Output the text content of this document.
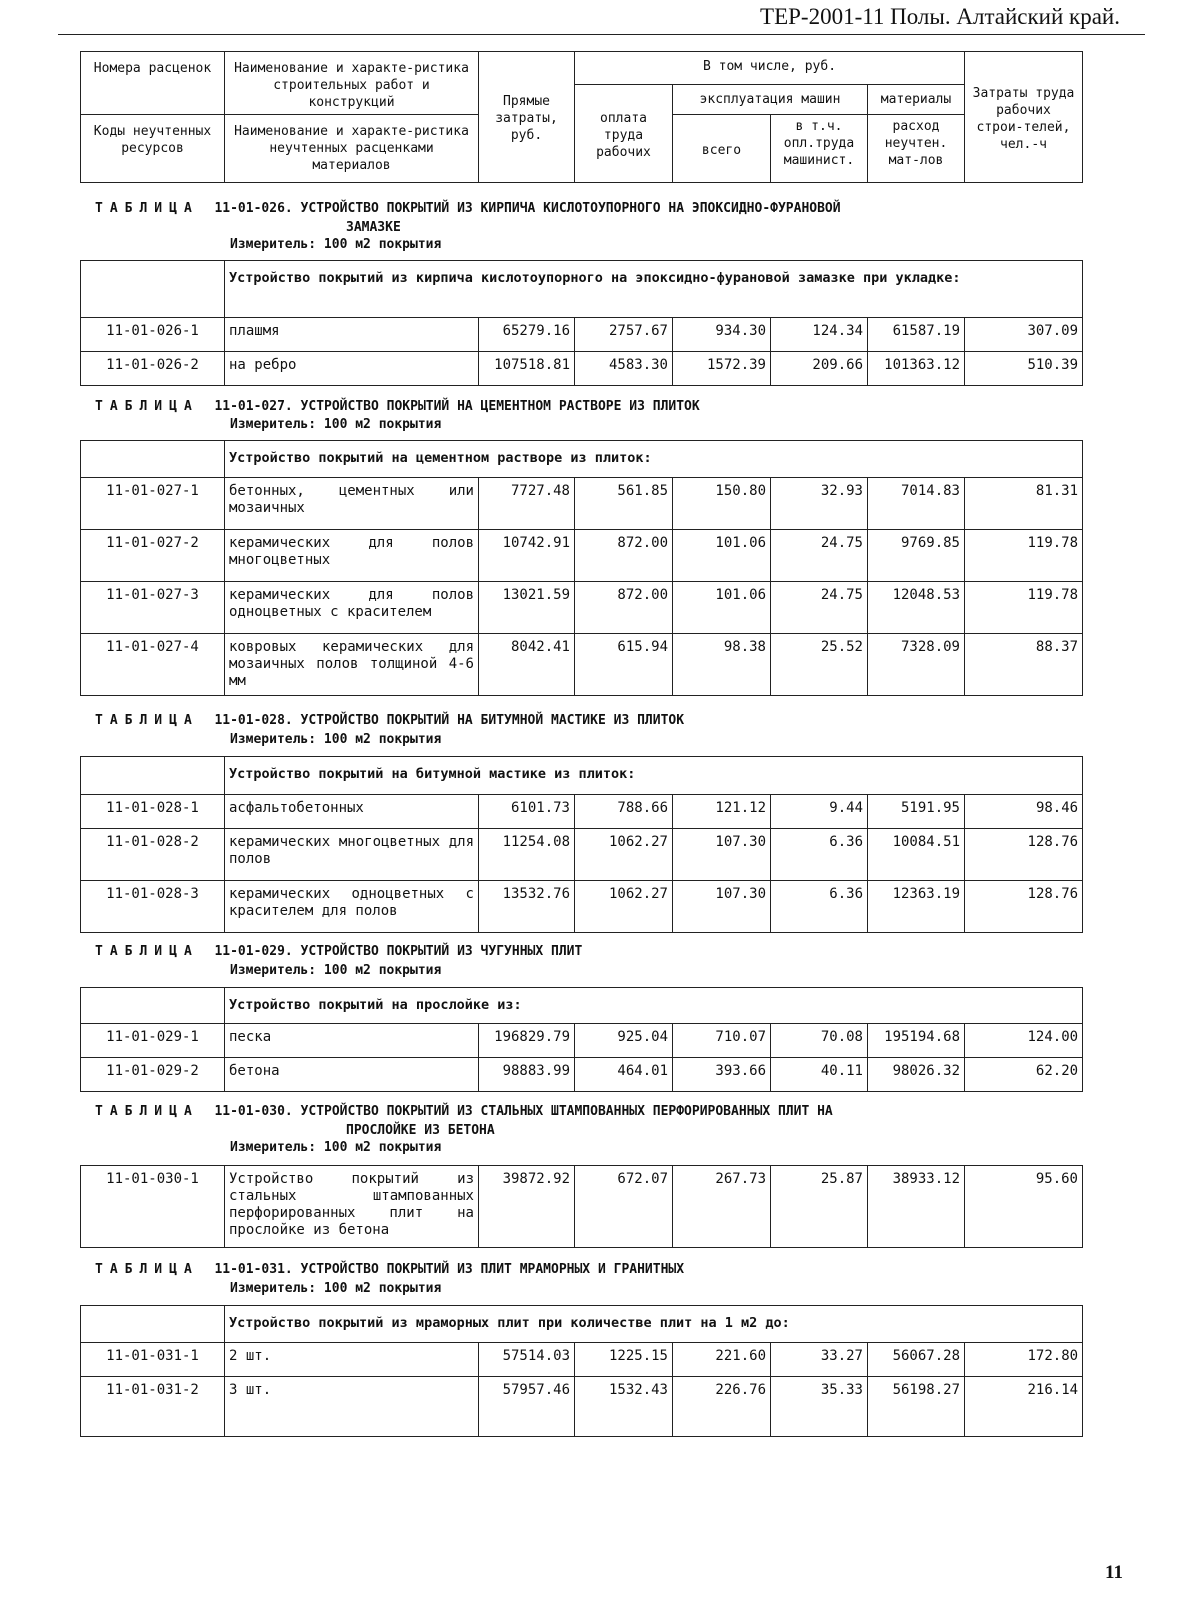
ТЕР-2001-11 Полы. Алтайский край.
Номера расценок	Наименование и характе-ристика строительных работ и конструкций	Прямые затраты, руб.	В том числе, руб.				Затраты труда рабочих строи-телей, чел.-ч
			оплата труда рабочих	эксплуатация машин		материалы	
				всего	в т.ч. опл.труда машинист.	расход неучтен. мат-лов	
Коды неучтенных ресурсов	Наименование и характе-ристика неучтенных расценками материалов						
ТАБЛИЦА 11-01-026. УСТРОЙСТВО ПОКРЫТИЙ ИЗ КИРПИЧА КИСЛОТОУПОРНОГО НА ЭПОКСИДНО-ФУРАНОВОЙ
ЗАМАЗКЕ
Измеритель: 100 м2 покрытия
	Устройство покрытий из кирпича кислотоупорного на эпоксидно-фурановой замазке при укладке:						
11-01-026-1	плашмя	65279.16	2757.67	934.30	124.34	61587.19	307.09
11-01-026-2	на ребро	107518.81	4583.30	1572.39	209.66	101363.12	510.39
ТАБЛИЦА 11-01-027. УСТРОЙСТВО ПОКРЫТИЙ НА ЦЕМЕНТНОМ РАСТВОРЕ ИЗ ПЛИТОК
Измеритель: 100 м2 покрытия
	Устройство покрытий на цементном растворе из плиток:						
11-01-027-1	бетонных, цементных или мозаичных	7727.48	561.85	150.80	32.93	7014.83	81.31
11-01-027-2	керамических для полов многоцветных	10742.91	872.00	101.06	24.75	9769.85	119.78
11-01-027-3	керамических для полов одноцветных с красителем	13021.59	872.00	101.06	24.75	12048.53	119.78
11-01-027-4	ковровых керамических для мозаичных полов толщиной 4-6 мм	8042.41	615.94	98.38	25.52	7328.09	88.37
ТАБЛИЦА 11-01-028. УСТРОЙСТВО ПОКРЫТИЙ НА БИТУМНОЙ МАСТИКЕ ИЗ ПЛИТОК
Измеритель: 100 м2 покрытия
	Устройство покрытий на битумной мастике из плиток:						
11-01-028-1	асфальтобетонных	6101.73	788.66	121.12	9.44	5191.95	98.46
11-01-028-2	керамических многоцветных для полов	11254.08	1062.27	107.30	6.36	10084.51	128.76
11-01-028-3	керамических одноцветных с красителем для полов	13532.76	1062.27	107.30	6.36	12363.19	128.76
ТАБЛИЦА 11-01-029. УСТРОЙСТВО ПОКРЫТИЙ ИЗ ЧУГУННЫХ ПЛИТ
Измеритель: 100 м2 покрытия
	Устройство покрытий на прослойке из:						
11-01-029-1	песка	196829.79	925.04	710.07	70.08	195194.68	124.00
11-01-029-2	бетона	98883.99	464.01	393.66	40.11	98026.32	62.20
ТАБЛИЦА 11-01-030. УСТРОЙСТВО ПОКРЫТИЙ ИЗ СТАЛЬНЫХ ШТАМПОВАННЫХ ПЕРФОРИРОВАННЫХ ПЛИТ НА
ПРОСЛОЙКЕ ИЗ БЕТОНА
Измеритель: 100 м2 покрытия
11-01-030-1	Устройство покрытий из стальных штампованных перфорированных плит на прослойке из бетона	39872.92	672.07	267.73	25.87	38933.12	95.60
ТАБЛИЦА 11-01-031. УСТРОЙСТВО ПОКРЫТИЙ ИЗ ПЛИТ МРАМОРНЫХ И ГРАНИТНЫХ
Измеритель: 100 м2 покрытия
	Устройство покрытий из мраморных плит при количестве плит на 1 м2 до:						
11-01-031-1	2 шт.	57514.03	1225.15	221.60	33.27	56067.28	172.80
11-01-031-2	3 шт.	57957.46	1532.43	226.76	35.33	56198.27	216.14
11
